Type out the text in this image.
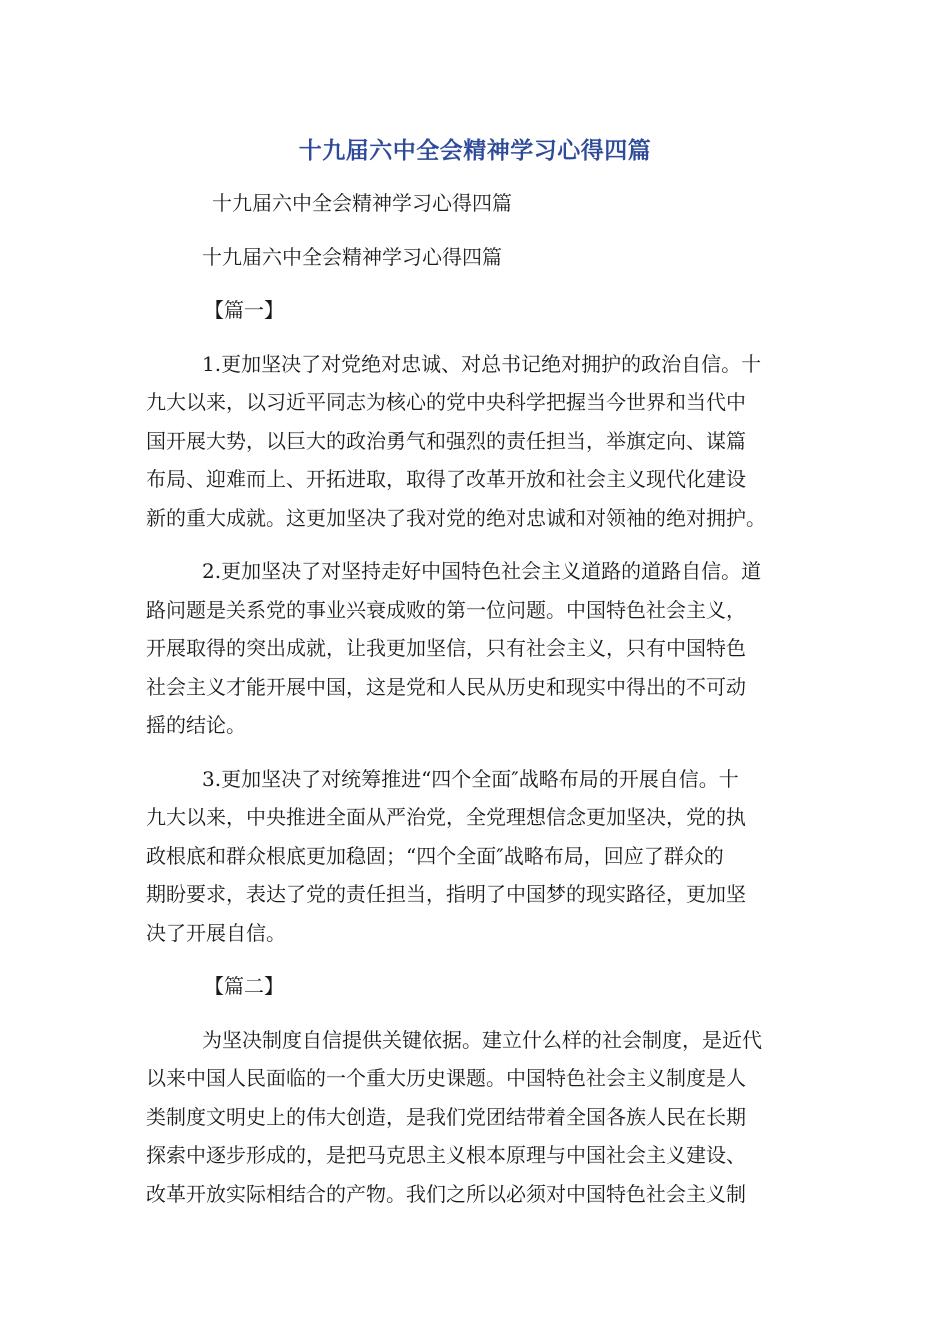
十九届六中全会精神学习心得四篇

十九届六中全会精神学习心得四篇

十九届六中全会精神学习心得四篇

【篇一】

1.更加坚决了对党绝对忠诚、对总书记绝对拥护的政治自信。十
九大以来，以习近平同志为核心的党中央科学把握当今世界和当代中
国开展大势，以巨大的政治勇气和强烈的责任担当，举旗定向、谋篇
布局、迎难而上、开拓进取，取得了改革开放和社会主义现代化建设
新的重大成就。这更加坚决了我对党的绝对忠诚和对领袖的绝对拥护。
2.更加坚决了对坚持走好中国特色社会主义道路的道路自信。道
路问题是关系党的事业兴衰成败的第一位问题。中国特色社会主义，
开展取得的突出成就，让我更加坚信，只有社会主义，只有中国特色
社会主义才能开展中国，这是党和人民从历史和现实中得出的不可动
摇的结论。
3.更加坚决了对统筹推进“四个全面″战略布局的开展自信。十
九大以来，中央推进全面从严治党，全党理想信念更加坚决，党的执
政根底和群众根底更加稳固；“四个全面″战略布局，回应了群众的
期盼要求，表达了党的责任担当，指明了中国梦的现实路径，更加坚
决了开展自信。

【篇二】

为坚决制度自信提供关键依据。建立什么样的社会制度，是近代
以来中国人民面临的一个重大历史课题。中国特色社会主义制度是人
类制度文明史上的伟大创造，是我们党团结带着全国各族人民在长期
探索中逐步形成的，是把马克思主义根本原理与中国社会主义建设、
改革开放实际相结合的产物。我们之所以必须对中国特色社会主义制
